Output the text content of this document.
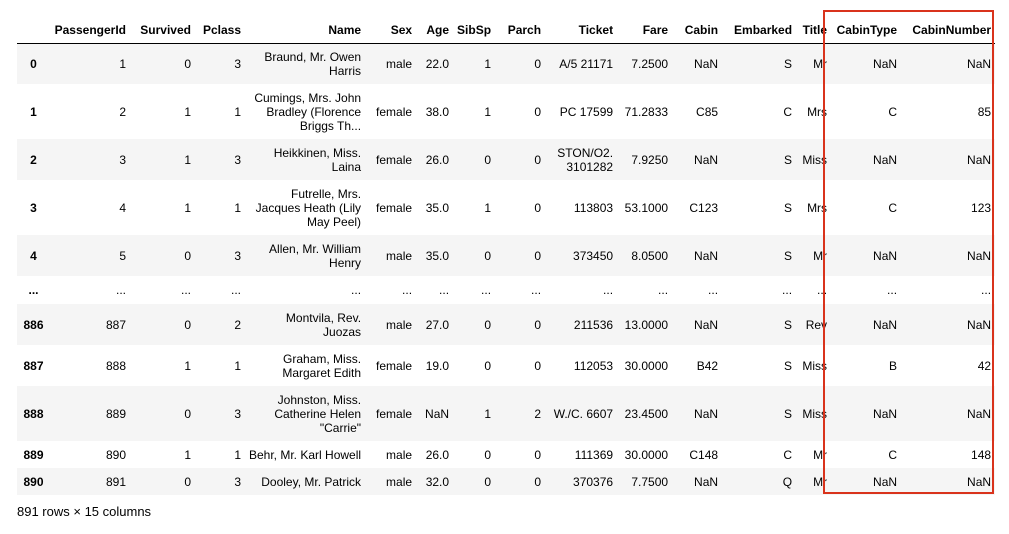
	PassengerId	Survived	Pclass	Name	Sex	Age	SibSp	Parch	Ticket	Fare	Cabin	Embarked	Title	CabinType	CabinNumber
0	1	0	3	Braund, Mr. Owen Harris	male	22.0	1	0	A/5 21171	7.2500	NaN	S	Mr	NaN	NaN
1	2	1	1	Cumings, Mrs. John Bradley (Florence Briggs Th...	female	38.0	1	0	PC 17599	71.2833	C85	C	Mrs	C	85
2	3	1	3	Heikkinen, Miss. Laina	female	26.0	0	0	STON/O2. 3101282	7.9250	NaN	S	Miss	NaN	NaN
3	4	1	1	Futrelle, Mrs. Jacques Heath (Lily May Peel)	female	35.0	1	0	113803	53.1000	C123	S	Mrs	C	123
4	5	0	3	Allen, Mr. William Henry	male	35.0	0	0	373450	8.0500	NaN	S	Mr	NaN	NaN
...	...	...	...	...	...	...	...	...	...	...	...	...	...	...	...
886	887	0	2	Montvila, Rev. Juozas	male	27.0	0	0	211536	13.0000	NaN	S	Rev	NaN	NaN
887	888	1	1	Graham, Miss. Margaret Edith	female	19.0	0	0	112053	30.0000	B42	S	Miss	B	42
888	889	0	3	Johnston, Miss. Catherine Helen "Carrie"	female	NaN	1	2	W./C. 6607	23.4500	NaN	S	Miss	NaN	NaN
889	890	1	1	Behr, Mr. Karl Howell	male	26.0	0	0	111369	30.0000	C148	C	Mr	C	148
890	891	0	3	Dooley, Mr. Patrick	male	32.0	0	0	370376	7.7500	NaN	Q	Mr	NaN	NaN
891 rows × 15 columns
